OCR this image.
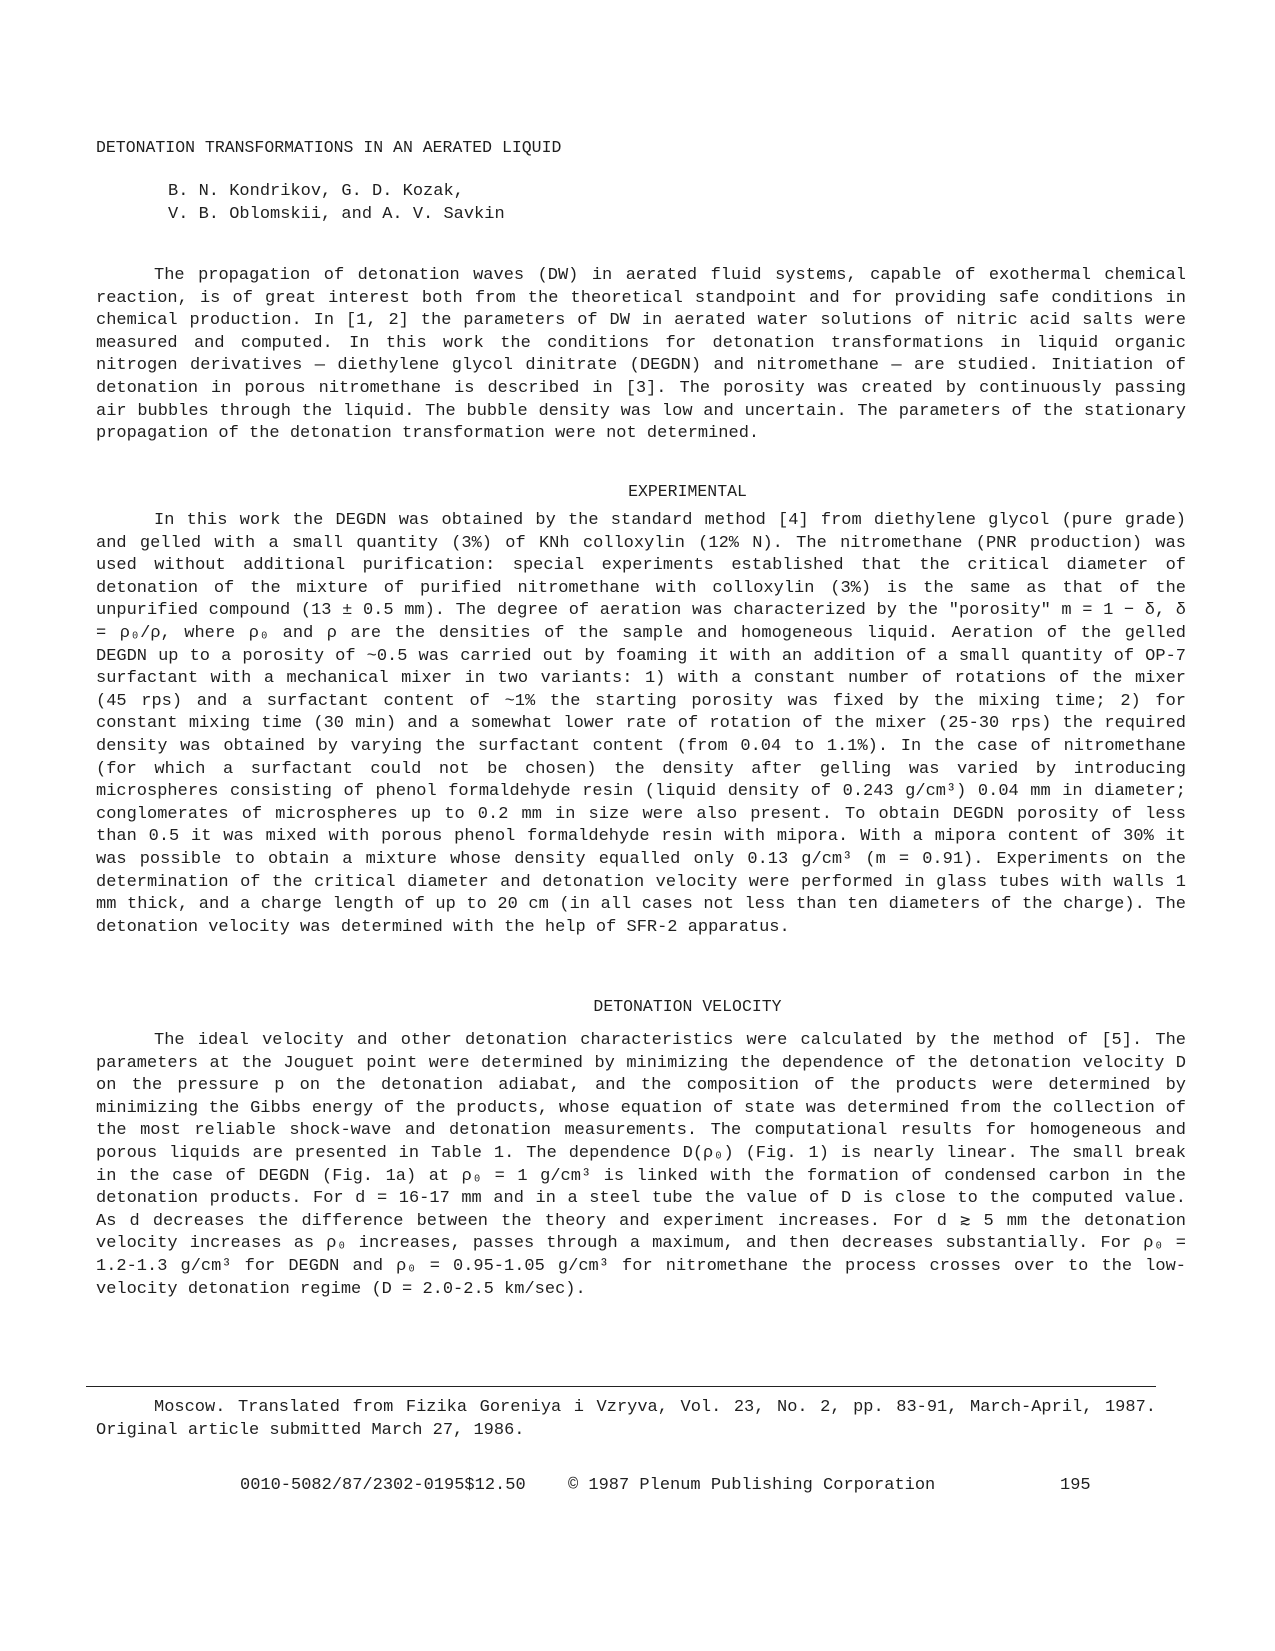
DETONATION TRANSFORMATIONS IN AN AERATED LIQUID
B. N. Kondrikov, G. D. Kozak,
V. B. Oblomskii, and A. V. Savkin

The propagation of detonation waves (DW) in aerated fluid systems, capable of exothermal chemical reaction, is of great interest both from the theoretical standpoint and for providing safe conditions in chemical production. In [1, 2] the parameters of DW in aerated water solutions of nitric acid salts were measured and computed. In this work the conditions for detonation transformations in liquid organic nitrogen derivatives — diethylene glycol dinitrate (DEGDN) and nitromethane — are studied. Initiation of detonation in porous nitromethane is described in [3]. The porosity was created by continuously passing air bubbles through the liquid. The bubble density was low and uncertain. The parameters of the stationary propagation of the detonation transformation were not determined.

EXPERIMENTAL

In this work the DEGDN was obtained by the standard method [4] from diethylene glycol (pure grade) and gelled with a small quantity (3%) of KNh colloxylin (12% N). The nitromethane (PNR production) was used without additional purification: special experiments established that the critical diameter of detonation of the mixture of purified nitromethane with colloxylin (3%) is the same as that of the unpurified compound (13 ± 0.5 mm). The degree of aeration was characterized by the "porosity" m = 1 − δ, δ = ρ₀/ρ, where ρ₀ and ρ are the densities of the sample and homogeneous liquid. Aeration of the gelled DEGDN up to a porosity of ~0.5 was carried out by foaming it with an addition of a small quantity of OP-7 surfactant with a mechanical mixer in two variants: 1) with a constant number of rotations of the mixer (45 rps) and a surfactant content of ~1% the starting porosity was fixed by the mixing time; 2) for constant mixing time (30 min) and a somewhat lower rate of rotation of the mixer (25-30 rps) the required density was obtained by varying the surfactant content (from 0.04 to 1.1%). In the case of nitromethane (for which a surfactant could not be chosen) the density after gelling was varied by introducing microspheres consisting of phenol formaldehyde resin (liquid density of 0.243 g/cm³) 0.04 mm in diameter; conglomerates of microspheres up to 0.2 mm in size were also present. To obtain DEGDN porosity of less than 0.5 it was mixed with porous phenol formaldehyde resin with mipora. With a mipora content of 30% it was possible to obtain a mixture whose density equalled only 0.13 g/cm³ (m = 0.91). Experiments on the determination of the critical diameter and detonation velocity were performed in glass tubes with walls 1 mm thick, and a charge length of up to 20 cm (in all cases not less than ten diameters of the charge). The detonation velocity was determined with the help of SFR-2 apparatus.

DETONATION VELOCITY

The ideal velocity and other detonation characteristics were calculated by the method of [5]. The parameters at the Jouguet point were determined by minimizing the dependence of the detonation velocity D on the pressure p on the detonation adiabat, and the composition of the products were determined by minimizing the Gibbs energy of the products, whose equation of state was determined from the collection of the most reliable shock-wave and detonation measurements. The computational results for homogeneous and porous liquids are presented in Table 1. The dependence D(ρ₀) (Fig. 1) is nearly linear. The small break in the case of DEGDN (Fig. 1a) at ρ₀ = 1 g/cm³ is linked with the formation of condensed carbon in the detonation products. For d = 16-17 mm and in a steel tube the value of D is close to the computed value. As d decreases the difference between the theory and experiment increases. For d ≳ 5 mm the detonation velocity increases as ρ₀ increases, passes through a maximum, and then decreases substantially. For ρ₀ = 1.2-1.3 g/cm³ for DEGDN and ρ₀ = 0.95-1.05 g/cm³ for nitromethane the process crosses over to the low-velocity detonation regime (D = 2.0-2.5 km/sec).

Moscow. Translated from Fizika Goreniya i Vzryva, Vol. 23, No. 2, pp. 83-91, March-April, 1987. Original article submitted March 27, 1986.

0010-5082/87/2302-0195$12.50 © 1987 Plenum Publishing Corporation	195
